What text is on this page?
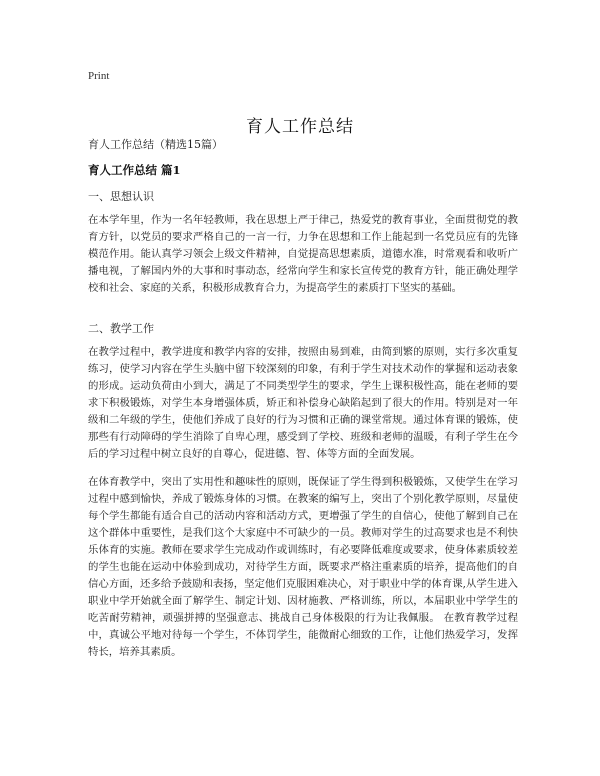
Print
育人工作总结
育人工作总结（精选15篇）
育人工作总结 篇1
一、思想认识

在本学年里，作为一名年轻教师，我在思想上严于律己，热爱党的教育事业，全面贯彻党的教育方针，以党员的要求严格自己的一言一行，力争在思想和工作上能起到一名党员应有的先锋模范作用。能认真学习领会上级文件精神，自觉提高思想素质，道德水准，时常观看和收听广播电视，了解国内外的大事和时事动态，经常向学生和家长宣传党的教育方针，能正确处理学校和社会、家庭的关系，积极形成教育合力，为提高学生的素质打下坚实的基础。

二、教学工作

在教学过程中，教学进度和教学内容的安排，按照由易到难，由简到繁的原则，实行多次重复练习，使学习内容在学生头脑中留下较深刻的印象，有利于学生对技术动作的掌握和运动表象的形成。运动负荷由小到大，满足了不同类型学生的要求，学生上课积极性高，能在老师的要求下积极锻炼，对学生本身增强体质，矫正和补偿身心缺陷起到了很大的作用。特别是对一年级和二年级的学生，使他们养成了良好的行为习惯和正确的课堂常规。通过体育课的锻炼，使那些有行动障碍的学生消除了自卑心理，感受到了学校、班级和老师的温暖，有利子学生在今后的学习过程中树立良好的自尊心，促进德、智、体等方面的全面发展。

在体育教学中，突出了实用性和趣味性的原则，既保证了学生得到积极锻炼，又使学生在学习过程中感到愉快，养成了锻炼身体的习惯。在教案的编写上，突出了个别化教学原则，尽量使每个学生都能有适合自己的活动内容和活动方式，更增强了学生的自信心，使他了解到自己在这个群体中重要性，是我们这个大家庭中不可缺少的一员。教师对学生的过高要求也是不利快乐体育的实施。教师在要求学生完成动作或训练时，有必要降低难度或要求，使身体素质较差的学生也能在运动中体验到成功，对待学生方面，既要求严格注重素质的培养，提高他们的自信心方面，还多给予鼓励和表扬，坚定他们克服困难决心，对于职业中学的体育课,从学生进入职业中学开始就全面了解学生、制定计划、因材施教、严格训练，所以，本届职业中学学生的 吃苦耐劳精神，顽强拼搏的坚强意志、挑战自己身体极限的行为让我佩服。 在教育教学过程中，真诚公平地对待每一个学生，不体罚学生，能微耐心细致的工作，让他们热爱学习，发挥特长，培养其素质。
